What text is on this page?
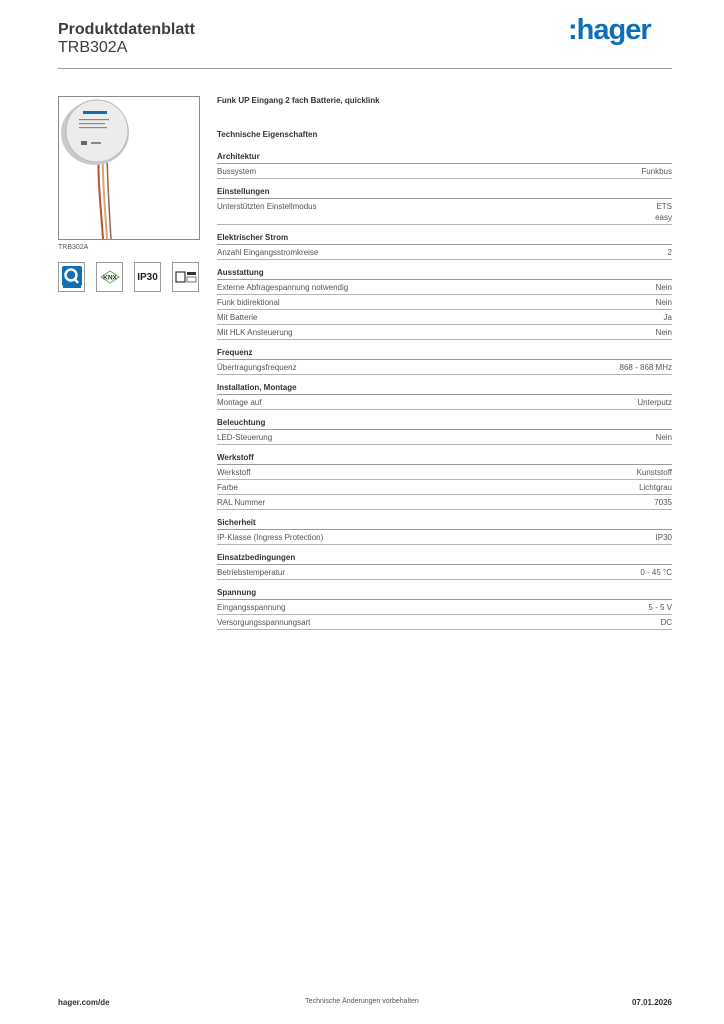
Produktdatenblatt
TRB302A
:hager
TRB302A
KNX IP30
Funk UP Eingang 2 fach Batterie, quicklink
Technische Eigenschaften
Architektur
Bussystem	Funkbus
Einstellungen
Unterstützten Einstellmodus	ETS
easy
Elektrischer Strom
Anzahl Eingangsstromkreise	2
Ausstattung
Externe Abfragespannung notwendig	Nein
Funk bidirektional	Nein
Mit Batterie	Ja
Mit HLK Ansteuerung	Nein
Frequenz
Übertragungsfrequenz	868 - 868 MHz
Installation, Montage
Montage auf	Unterputz
Beleuchtung
LED-Steuerung	Nein
Werkstoff
Werkstoff	Kunststoff
Farbe	Lichtgrau
RAL Nummer	7035
Sicherheit
IP-Klasse (Ingress Protection)	IP30
Einsatzbedingungen
Betriebstemperatur	0 - 45 °C
Spannung
Eingangsspannung	5 - 5 V
Versorgungsspannungsart	DC
hager.com/de	Technische Änderungen vorbehalten	07.01.2026
